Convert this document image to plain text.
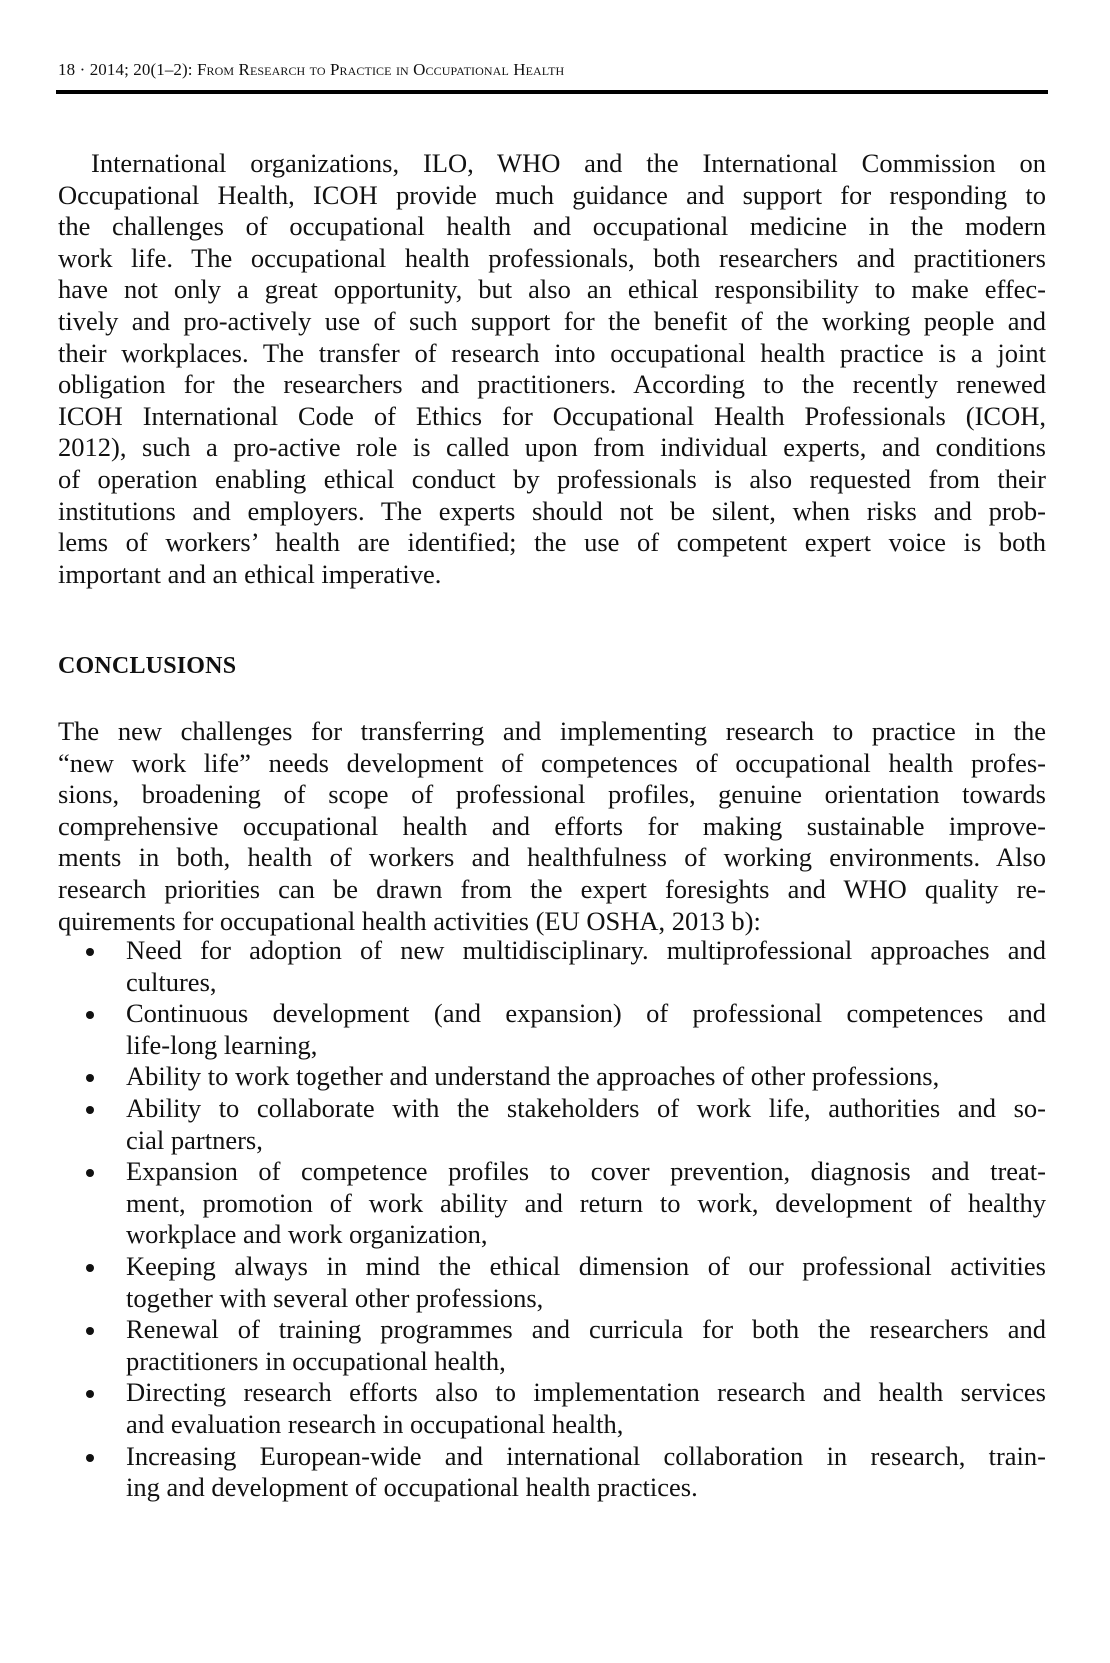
18 · 2014; 20(1–2): From Research to Practice in Occupational Health
International organizations, ILO, WHO and the International Commission on
Occupational Health, ICOH provide much guidance and support for responding to
the challenges of occupational health and occupational medicine in the modern
work life. The occupational health professionals, both researchers and practitioners
have not only a great opportunity, but also an ethical responsibility to make effec-
tively and pro-actively use of such support for the benefit of the working people and
their workplaces. The transfer of research into occupational health practice is a joint
obligation for the researchers and practitioners. According to the recently renewed
ICOH International Code of Ethics for Occupational Health Professionals (ICOH,
2012), such a pro-active role is called upon from individual experts, and conditions
of operation enabling ethical conduct by professionals is also requested from their
institutions and employers. The experts should not be silent, when risks and prob-
lems of workers’ health are identified; the use of competent expert voice is both
important and an ethical imperative.
CONCLUSIONS
The new challenges for transferring and implementing research to practice in the
“new work life” needs development of competences of occupational health profes-
sions, broadening of scope of professional profiles, genuine orientation towards
comprehensive occupational health and efforts for making sustainable improve-
ments in both, health of workers and healthfulness of working environments. Also
research priorities can be drawn from the expert foresights and WHO quality re-
quirements for occupational health activities (EU OSHA, 2013 b):
Need for adoption of new multidisciplinary. multiprofessional approaches and
cultures,
Continuous development (and expansion) of professional competences and
life-long learning,
Ability to work together and understand the approaches of other professions,
Ability to collaborate with the stakeholders of work life, authorities and so-
cial partners,
Expansion of competence profiles to cover prevention, diagnosis and treat-
ment, promotion of work ability and return to work, development of healthy
workplace and work organization,
Keeping always in mind the ethical dimension of our professional activities
together with several other professions,
Renewal of training programmes and curricula for both the researchers and
practitioners in occupational health,
Directing research efforts also to implementation research and health services
and evaluation research in occupational health,
Increasing European-wide and international collaboration in research, train-
ing and development of occupational health practices.
